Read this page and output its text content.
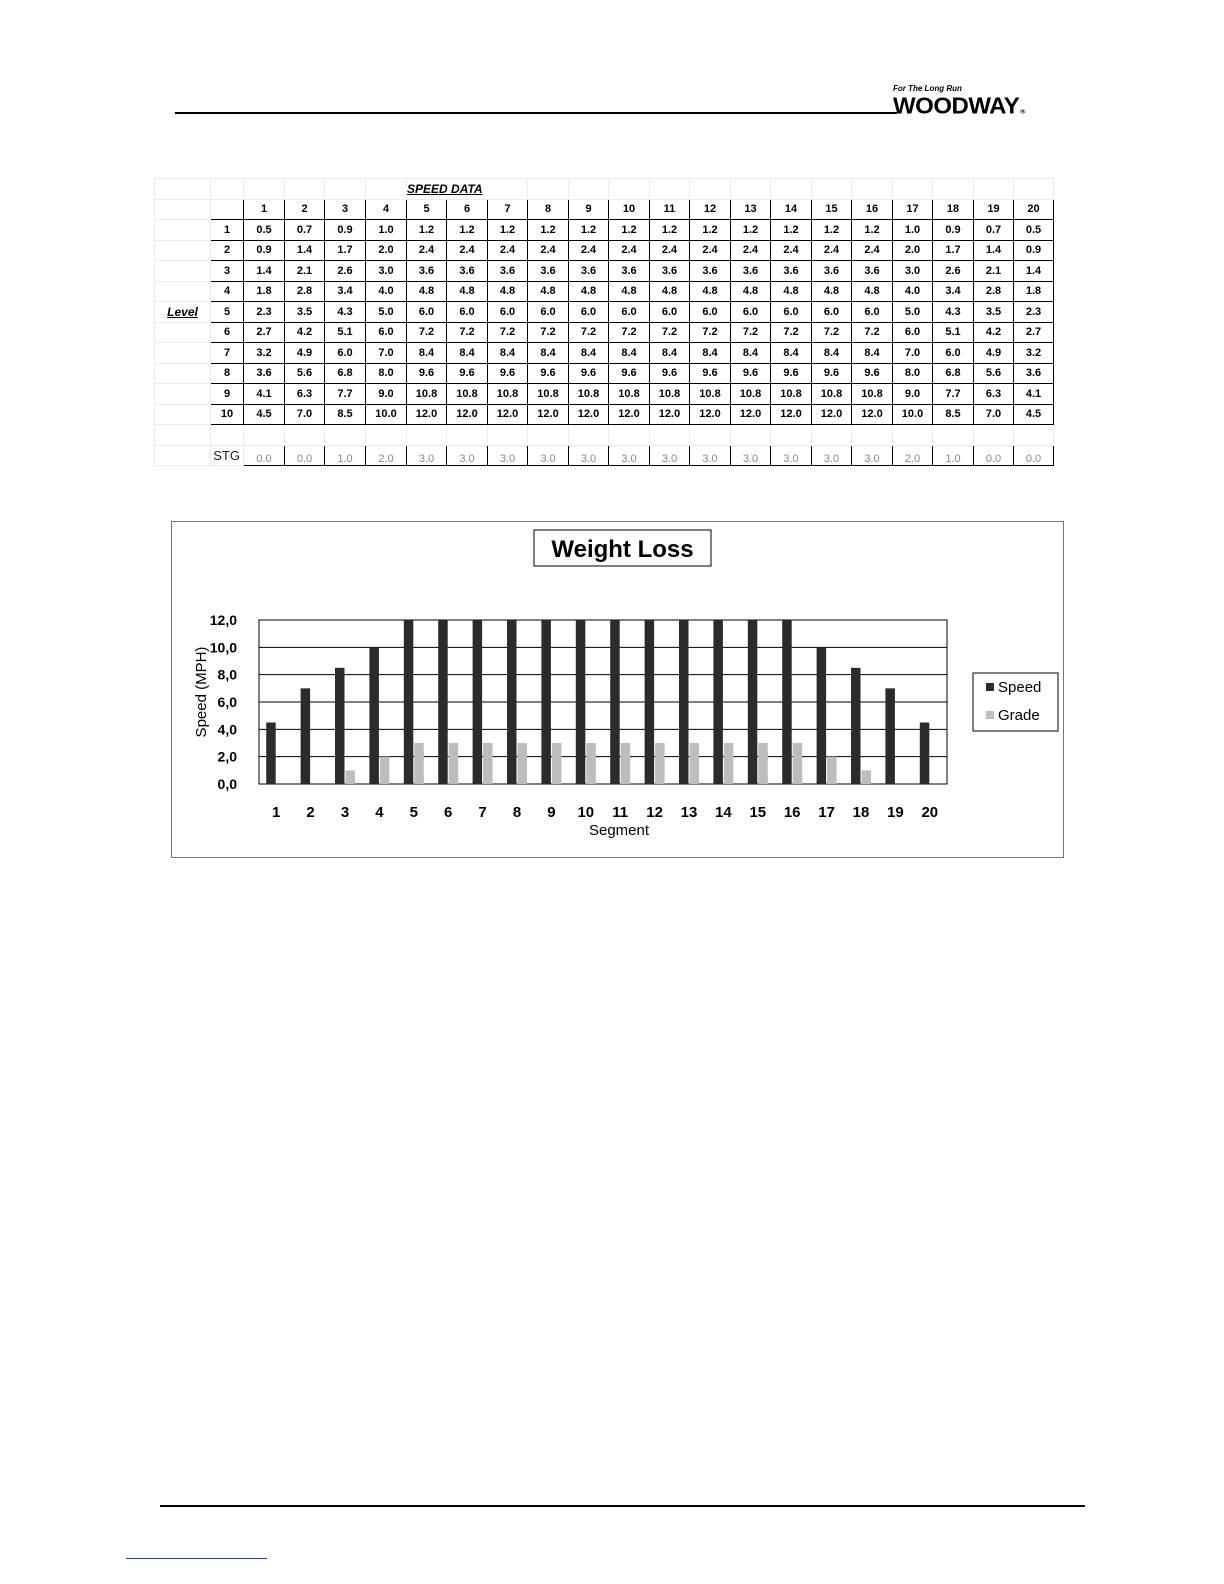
For The Long Run
WOODWAY®
						SPEED DATA															
		1	2	3	4	5	6	7	8	9	10	11	12	13	14	15	16	17	18	19	20
	1	0.5	0.7	0.9	1.0	1.2	1.2	1.2	1.2	1.2	1.2	1.2	1.2	1.2	1.2	1.2	1.2	1.0	0.9	0.7	0.5
	2	0.9	1.4	1.7	2.0	2.4	2.4	2.4	2.4	2.4	2.4	2.4	2.4	2.4	2.4	2.4	2.4	2.0	1.7	1.4	0.9
	3	1.4	2.1	2.6	3.0	3.6	3.6	3.6	3.6	3.6	3.6	3.6	3.6	3.6	3.6	3.6	3.6	3.0	2.6	2.1	1.4
	4	1.8	2.8	3.4	4.0	4.8	4.8	4.8	4.8	4.8	4.8	4.8	4.8	4.8	4.8	4.8	4.8	4.0	3.4	2.8	1.8
Level	5	2.3	3.5	4.3	5.0	6.0	6.0	6.0	6.0	6.0	6.0	6.0	6.0	6.0	6.0	6.0	6.0	5.0	4.3	3.5	2.3
	6	2.7	4.2	5.1	6.0	7.2	7.2	7.2	7.2	7.2	7.2	7.2	7.2	7.2	7.2	7.2	7.2	6.0	5.1	4.2	2.7
	7	3.2	4.9	6.0	7.0	8.4	8.4	8.4	8.4	8.4	8.4	8.4	8.4	8.4	8.4	8.4	8.4	7.0	6.0	4.9	3.2
	8	3.6	5.6	6.8	8.0	9.6	9.6	9.6	9.6	9.6	9.6	9.6	9.6	9.6	9.6	9.6	9.6	8.0	6.8	5.6	3.6
	9	4.1	6.3	7.7	9.0	10.8	10.8	10.8	10.8	10.8	10.8	10.8	10.8	10.8	10.8	10.8	10.8	9.0	7.7	6.3	4.1
	10	4.5	7.0	8.5	10.0	12.0	12.0	12.0	12.0	12.0	12.0	12.0	12.0	12.0	12.0	12.0	12.0	10.0	8.5	7.0	4.5

	STG	0.0	0.0	1.0	2.0	3.0	3.0	3.0	3.0	3.0	3.0	3.0	3.0	3.0	3.0	3.0	3.0	2.0	1.0	0.0	0.0
Weight Loss
0,0
2,0
4,0
6,0
8,0
10,0
12,0
1 2 3 4 5 6 7 8 9 10 11 12 13 14 15 16 17 18 19 20
Segment
Speed (MPH)	Speed
Grade
